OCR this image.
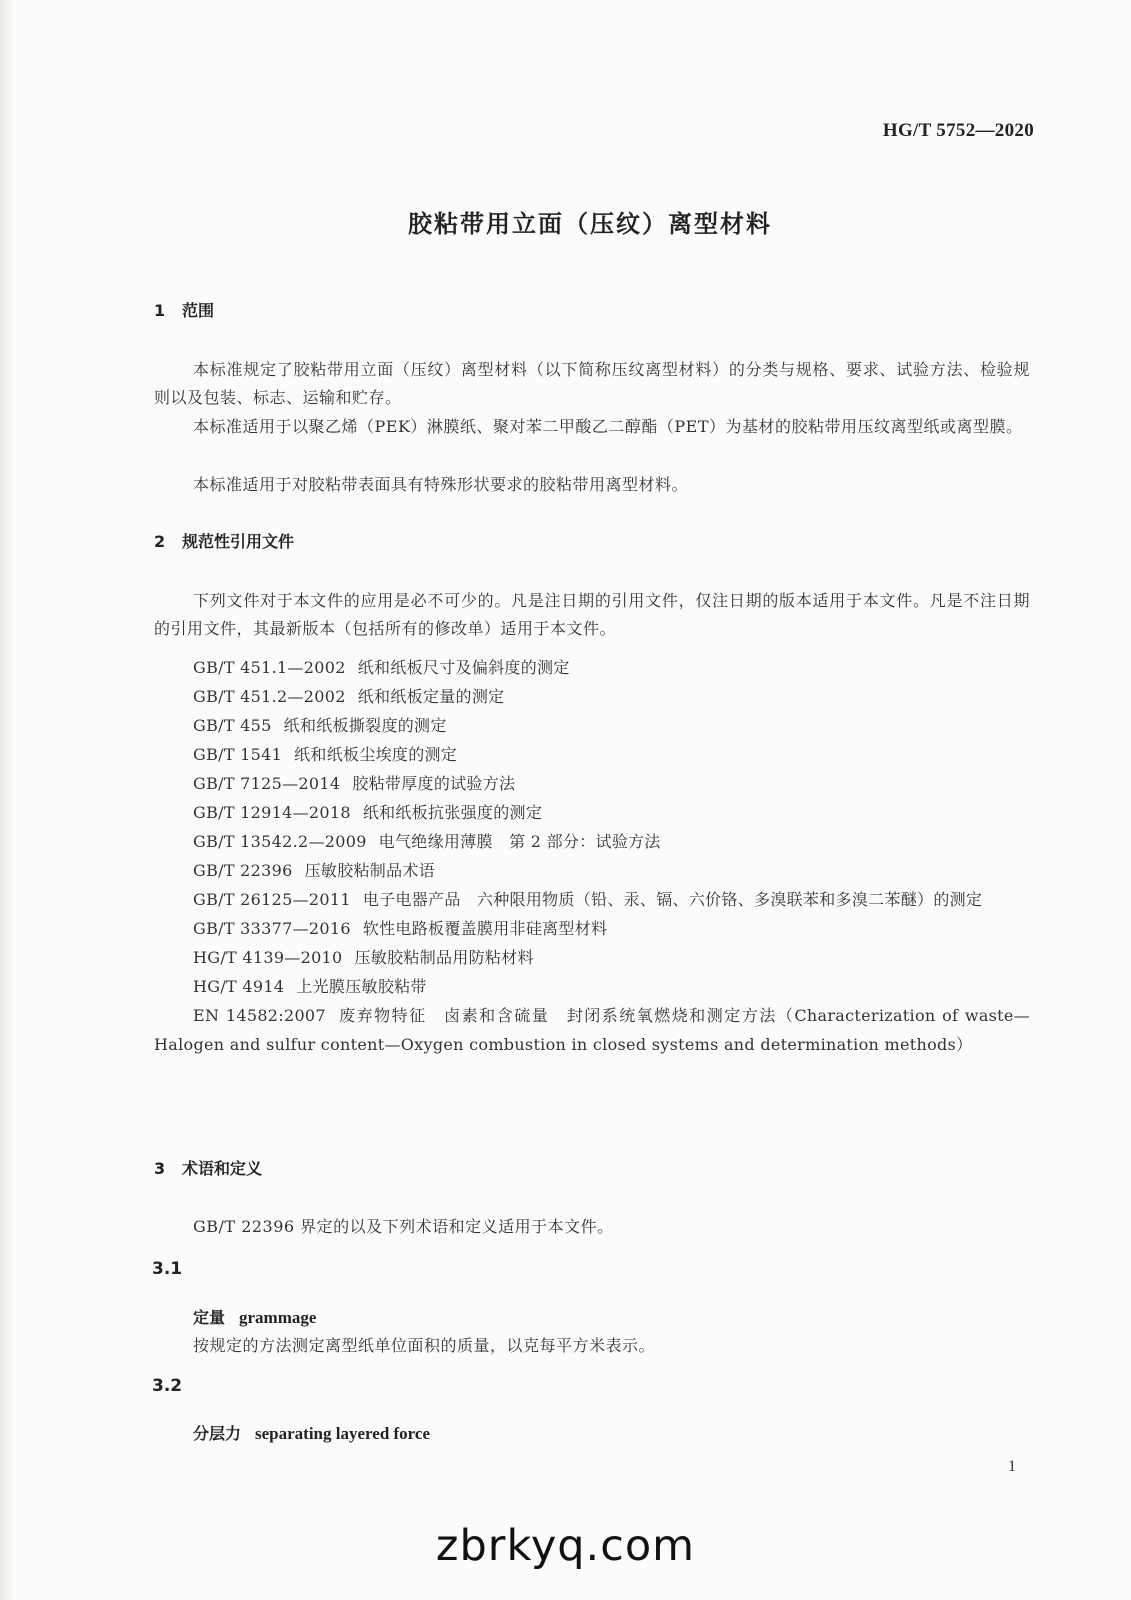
HG/T 5752—2020
胶粘带用立面（压纹）离型材料
1 范围
本标准规定了胶粘带用立面（压纹）离型材料（以下简称压纹离型材料）的分类与规格、要求、试验方法、检验规则以及包装、标志、运输和贮存。
本标准适用于以聚乙烯（PEK）淋膜纸、聚对苯二甲酸乙二醇酯（PET）为基材的胶粘带用压纹离型纸或离型膜。
本标准适用于对胶粘带表面具有特殊形状要求的胶粘带用离型材料。
2 规范性引用文件
下列文件对于本文件的应用是必不可少的。凡是注日期的引用文件，仅注日期的版本适用于本文件。凡是不注日期的引用文件，其最新版本（包括所有的修改单）适用于本文件。
GB/T 451.1—2002 纸和纸板尺寸及偏斜度的测定
GB/T 451.2—2002 纸和纸板定量的测定
GB/T 455 纸和纸板撕裂度的测定
GB/T 1541 纸和纸板尘埃度的测定
GB/T 7125—2014 胶粘带厚度的试验方法
GB/T 12914—2018 纸和纸板抗张强度的测定
GB/T 13542.2—2009 电气绝缘用薄膜　第 2 部分：试验方法
GB/T 22396 压敏胶粘制品术语
GB/T 26125—2011 电子电器产品　六种限用物质（铅、汞、镉、六价铬、多溴联苯和多溴二苯醚）的测定
GB/T 33377—2016 软性电路板覆盖膜用非硅离型材料
HG/T 4139—2010 压敏胶粘制品用防粘材料
HG/T 4914 上光膜压敏胶粘带
EN 14582:2007 废弃物特征　卤素和含硫量　封闭系统氧燃烧和测定方法（Characterization of waste—Halogen and sulfur content—Oxygen combustion in closed systems and determination methods）
3 术语和定义
GB/T 22396 界定的以及下列术语和定义适用于本文件。
3.1
定量 grammage
按规定的方法测定离型纸单位面积的质量，以克每平方米表示。
3.2
分层力 separating layered force
1
zbrkyq.com
